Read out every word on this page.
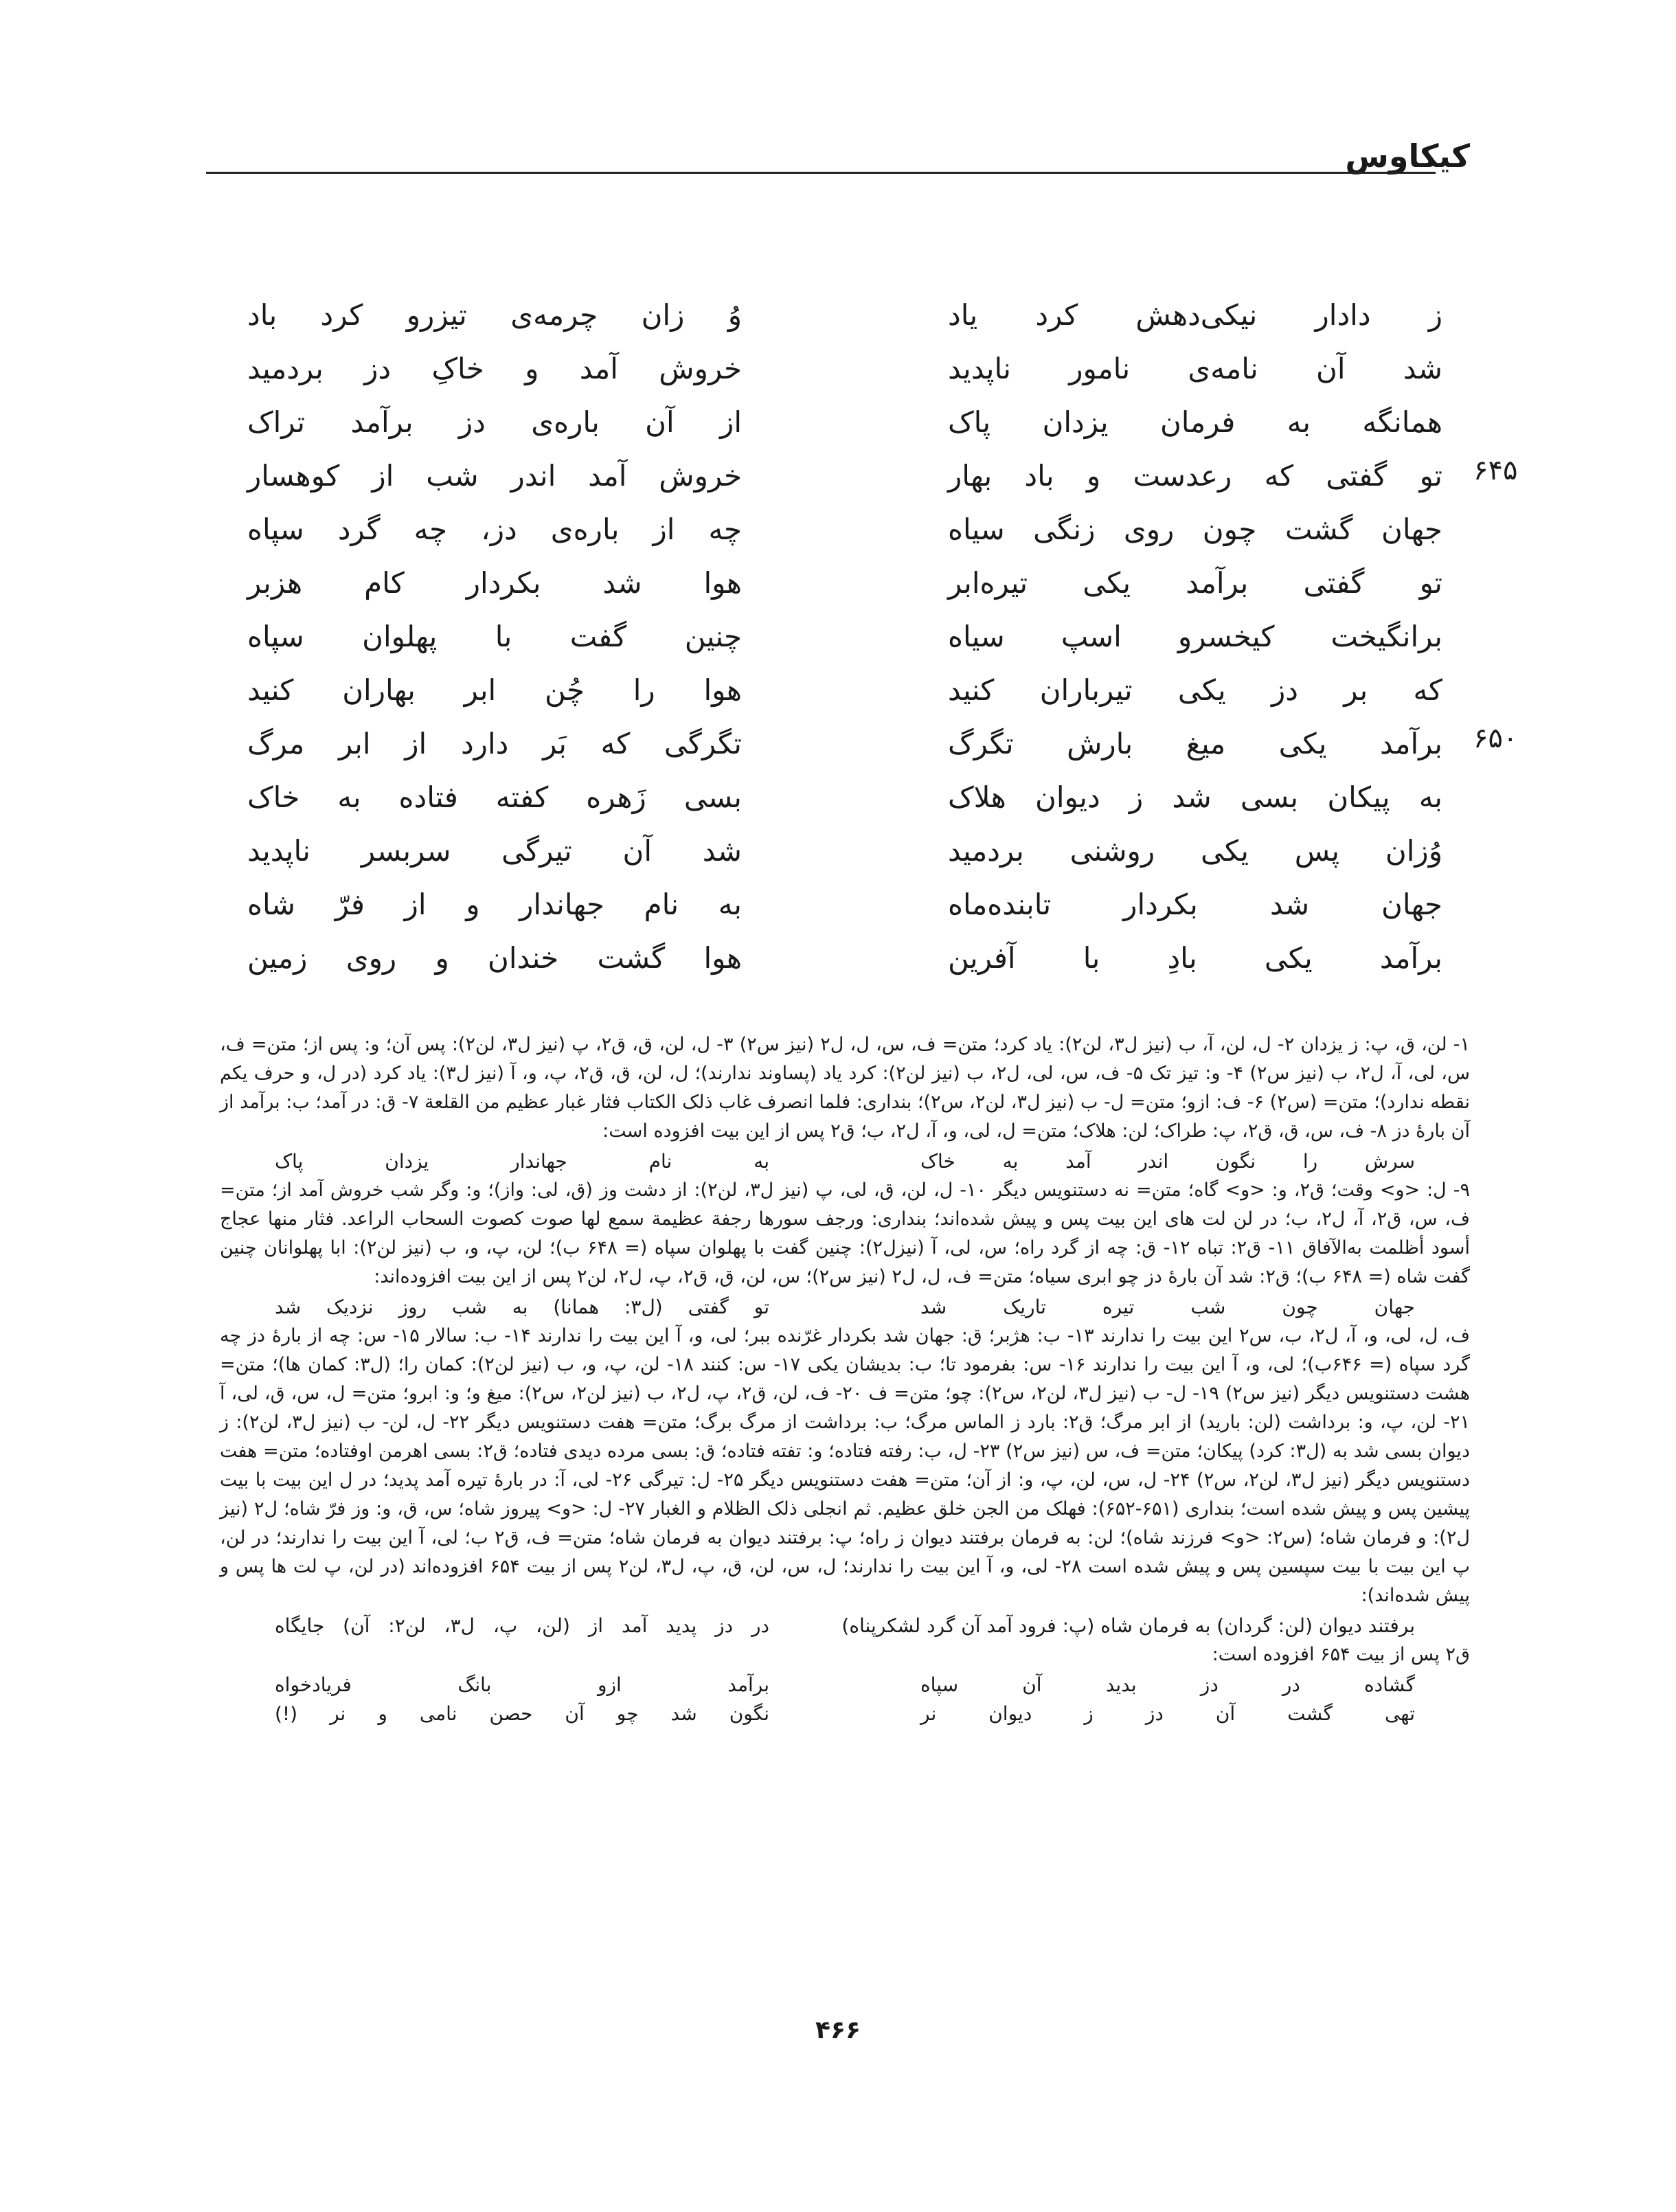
کیکاوس
ز دادار نیکی‌دهش کرد یاد
وُ زان چرمه‌ی تیزرو کرد باد
شد آن نامه‌ی نامور ناپدید
خروش آمد و خاکِ دز بردمید
همانگه به فرمان یزدان پاک
از آن باره‌ی دز برآمد تراک
۶۴۵
تو گفتی که رعدست و باد بهار
خروش آمد اندر شب از کوهسار
جهان گشت چون روی زنگی سیاه
چه از باره‌ی دز، چه گرد سپاه
تو گفتی برآمد یکی تیره‌ابر
هوا شد بکردار کام هزبر
برانگیخت کیخسرو اسپ سیاه
چنین گفت با پهلوان سپاه
که بر دز یکی تیرباران کنید
هوا را چُن ابر بهاران کنید
۶۵۰
برآمد یکی میغ بارش تگرگ
تگرگی که بَر دارد از ابر مرگ
به پیکان بسی شد ز دیوان هلاک
بسی زَهره کفته فتاده به خاک
وُزان پس یکی روشنی بردمید
شد آن تیرگی سربسر ناپدید
جهان شد بکردار تابنده‌ماه
به نام جهاندار و از فرّ شاه
برآمد یکی بادِ با آفرین
هوا گشت خندان و روی زمین

۱- لن، ق، پ: ز یزدان ۲- ل، لن، آ، ب (نیز ل۳، لن۲): یاد کرد؛ متن= ف، س، ل، ل۲ (نیز س۲) ۳- ل، لن، ق، ق۲، پ (نیز ل۳، لن۲): پس آن؛ و: پس از؛ متن= ف، س، لی، آ، ل۲، ب (نیز س۲) ۴- و: تیز تک ۵- ف، س، لی، ل۲، ب (نیز لن۲): کرد یاد (پساوند ندارند)؛ ل، لن، ق، ق۲، پ، و، آ (نیز ل۳): یاد کرد (در ل، و حرف یکم نقطه ندارد)؛ متن= (س۲) ۶- ف: ازو؛ متن= ل- ب (نیز ل۳، لن۲، س۲)؛ بنداری: فلما انصرف غاب ذلک الکتاب فثار غبار عظیم من القلعة ۷- ق: در آمد؛ ب: برآمد از آن باره‌ٔ دز ۸- ف، س، ق، ق۲، پ: طراک؛ لن: هلاک؛ متن= ل، لی، و، آ، ل۲، ب؛ ق۲ پس از این بیت افزوده است:

سرش را نگون اندر آمد به خاک
به نام جهاندار یزدان پاک

۹- ل: <و> وقت؛ ق۲، و: <و> گاه؛ متن= نه دستنویس دیگر ۱۰- ل، لن، ق، لی، پ (نیز ل۳، لن۲): از دشت وز (ق، لی: واز)؛ و: وگر شب خروش آمد از؛ متن= ف، س، ق۲، آ، ل۲، ب؛ در لن لت های این بیت پس و پیش شده‌اند؛ بنداری: ورجف سورها رجفة عظیمة سمع لها صوت کصوت السحاب الراعد. فثار منها عجاج أسود أظلمت به‌الآفاق ۱۱- ق۲: تباه ۱۲- ق: چه از گرد راه؛ س، لی، آ (نیزل۲): چنین گفت با پهلوان سپاه (= ۶۴۸ ب)؛ لن، پ، و، ب (نیز لن۲): ابا پهلوانان چنین گفت شاه (= ۶۴۸ ب)؛ ق۲: شد آن باره‌ٔ دز چو ابری سیاه؛ متن= ف، ل، ل۲ (نیز س۲)؛ س، لن، ق، ق۲، پ، ل۲، لن۲ پس از این بیت افزوده‌اند:

جهان چون شب تیره تاریک شد
تو گفتی (ل۳: همانا) به شب روز نزدیک شد

ف، ل، لی، و، آ، ل۲، ب، س۲ این بیت را ندارند ۱۳- ب: هژبر؛ ق: جهان شد بکردار غرّنده ببر؛ لی، و، آ این بیت را ندارند ۱۴- ب: سالار ۱۵- س: چه از باره‌ٔ دز چه گرد سپاه (= ۶۴۶ب)؛ لی، و، آ این بیت را ندارند ۱۶- س: بفرمود تا؛ ب: بدیشان یکی ۱۷- س: کنند ۱۸- لن، پ، و، ب (نیز لن۲): کمان را؛ (ل۳: کمان ها)؛ متن= هشت دستنویس دیگر (نیز س۲) ۱۹- ل- ب (نیز ل۳، لن۲، س۲): چو؛ متن= ف ۲۰- ف، لن، ق۲، پ، ل۲، ب (نیز لن۲، س۲): میغ و؛ و: ابرو؛ متن= ل، س، ق، لی، آ ۲۱- لن، پ، و: برداشت (لن: بارید) از ابر مرگ؛ ق۲: بارد ز الماس مرگ؛ ب: برداشت از مرگ برگ؛ متن= هفت دستنویس دیگر ۲۲- ل، لن- ب (نیز ل۳، لن۲): ز دیوان بسی شد به (ل۳: کرد) پیکان؛ متن= ف، س (نیز س۲) ۲۳- ل، ب: رفته فتاده؛ و: تفته فتاده؛ ق: بسی مرده دیدی فتاده؛ ق۲: بسی اهرمن اوفتاده؛ متن= هفت دستنویس دیگر (نیز ل۳، لن۲، س۲) ۲۴- ل، س، لن، پ، و: از آن؛ متن= هفت دستنویس دیگر ۲۵- ل: تیرگی ۲۶- لی، آ: در باره‌ٔ تیره آمد پدید؛ در ل این بیت با بیت پیشین پس و پیش شده است؛ بنداری (۶۵۱-۶۵۲): فهلک من الجن خلق عظیم. ثم انجلی ذلک الظلام و الغبار ۲۷- ل: <و> پیروز شاه؛ س، ق، و: وز فرّ شاه؛ ل۲ (نیز ل۲): و فرمان شاه؛ (س۲: <و> فرزند شاه)؛ لن: به فرمان برفتند دیوان ز راه؛ پ: برفتند دیوان به فرمان شاه؛ متن= ف، ق۲ ب؛ لی، آ این بیت را ندارند؛ در لن، پ این بیت با بیت سپسین پس و پیش شده است ۲۸- لی، و، آ این بیت را ندارند؛ ل، س، لن، ق، پ، ل۳، لن۲ پس از بیت ۶۵۴ افزوده‌اند (در لن، پ لت ها پس و پیش شده‌اند):

برفتند دیوان (لن: گردان) به فرمان شاه (پ: فرود آمد آن گرد لشکرپناه)
در دز پدید آمد از (لن، پ، ل۳، لن۲: آن) جایگاه

ق۲ پس از بیت ۶۵۴ افزوده است:

گشاده در دز بدید آن سپاه
برآمد ازو بانگ فریادخواه
تهی گشت آن دز ز دیوان نر
نگون شد چو آن حصن نامی و نر (!)
۴۶۶
